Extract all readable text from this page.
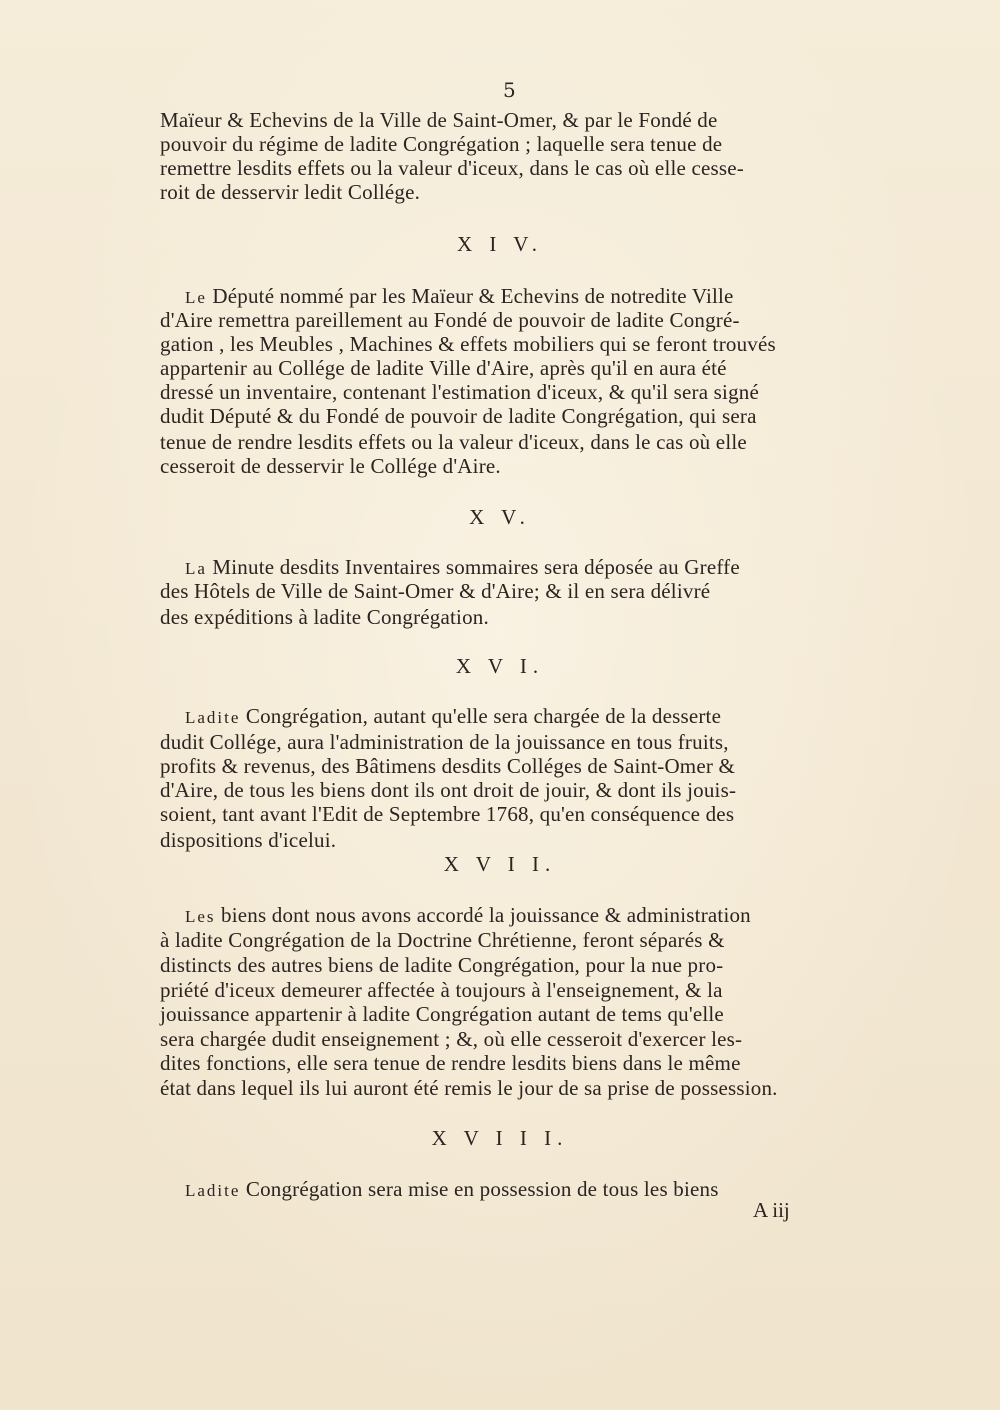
5
Maïeur & Echevins de la Ville de Saint-Omer, & par le Fondé de
pouvoir du régime de ladite Congrégation ; laquelle sera tenue de
remettre lesdits effets ou la valeur d'iceux, dans le cas où elle cesse-
roit de desservir ledit Collége.
X I V.
Le Député nommé par les Maïeur & Echevins de notredite Ville
d'Aire remettra pareillement au Fondé de pouvoir de ladite Congré-
gation , les Meubles , Machines & effets mobiliers qui se feront trouvés
appartenir au Collége de ladite Ville d'Aire, après qu'il en aura été
dressé un inventaire, contenant l'estimation d'iceux, & qu'il sera signé
dudit Député & du Fondé de pouvoir de ladite Congrégation, qui sera
tenue de rendre lesdits effets ou la valeur d'iceux, dans le cas où elle
cesseroit de desservir le Collége d'Aire.
X V.
La Minute desdits Inventaires sommaires sera déposée au Greffe
des Hôtels de Ville de Saint-Omer & d'Aire; & il en sera délivré
des expéditions à ladite Congrégation.
X V I.
Ladite Congrégation, autant qu'elle sera chargée de la desserte
dudit Collége, aura l'administration de la jouissance en tous fruits,
profits & revenus, des Bâtimens desdits Colléges de Saint-Omer &
d'Aire, de tous les biens dont ils ont droit de jouir, & dont ils jouis-
soient, tant avant l'Edit de Septembre 1768, qu'en conséquence des
dispositions d'icelui.
X V I I.
Les biens dont nous avons accordé la jouissance & administration
à ladite Congrégation de la Doctrine Chrétienne, feront séparés &
distincts des autres biens de ladite Congrégation, pour la nue pro-
priété d'iceux demeurer affectée à toujours à l'enseignement, & la
jouissance appartenir à ladite Congrégation autant de tems qu'elle
sera chargée dudit enseignement ; &, où elle cesseroit d'exercer les-
dites fonctions, elle sera tenue de rendre lesdits biens dans le même
état dans lequel ils lui auront été remis le jour de sa prise de possession.
X V I I I.
Ladite Congrégation sera mise en possession de tous les biens
A iij
